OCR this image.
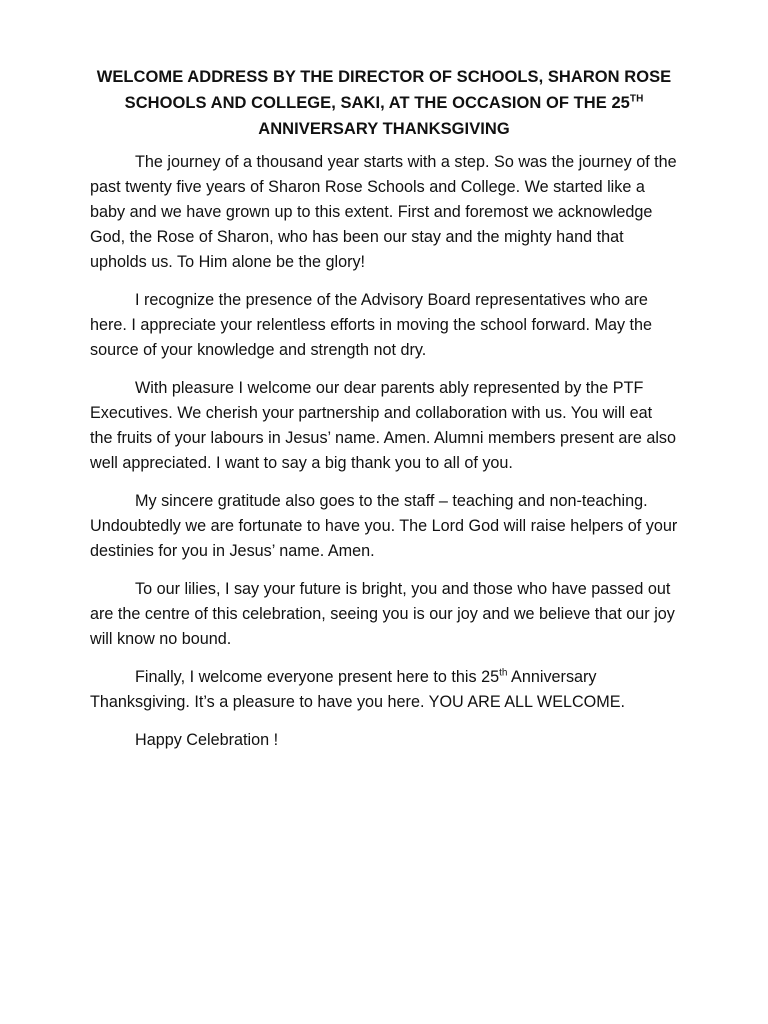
WELCOME ADDRESS BY THE DIRECTOR OF SCHOOLS, SHARON ROSE
SCHOOLS AND COLLEGE, SAKI, AT THE OCCASION OF THE 25TH
ANNIVERSARY THANKSGIVING

The journey of a thousand year starts with a step. So was the journey of the past twenty five years of Sharon Rose Schools and College. We started like a baby and we have grown up to this extent. First and foremost we acknowledge God, the Rose of Sharon, who has been our stay and the mighty hand that upholds us. To Him alone be the glory!

I recognize the presence of the Advisory Board representatives who are here. I appreciate your relentless efforts in moving the school forward. May the source of your knowledge and strength not dry.

With pleasure I welcome our dear parents ably represented by the PTF Executives. We cherish your partnership and collaboration with us. You will eat the fruits of your labours in Jesus’ name. Amen. Alumni members present are also well appreciated. I want to say a big thank you to all of you.

My sincere gratitude also goes to the staff – teaching and non-teaching. Undoubtedly we are fortunate to have you. The Lord God will raise helpers of your destinies for you in Jesus’ name. Amen.

To our lilies, I say your future is bright, you and those who have passed out are the centre of this celebration, seeing you is our joy and we believe that our joy will know no bound.

Finally, I welcome everyone present here to this 25th Anniversary Thanksgiving. It’s a pleasure to have you here. YOU ARE ALL WELCOME.

Happy Celebration !
